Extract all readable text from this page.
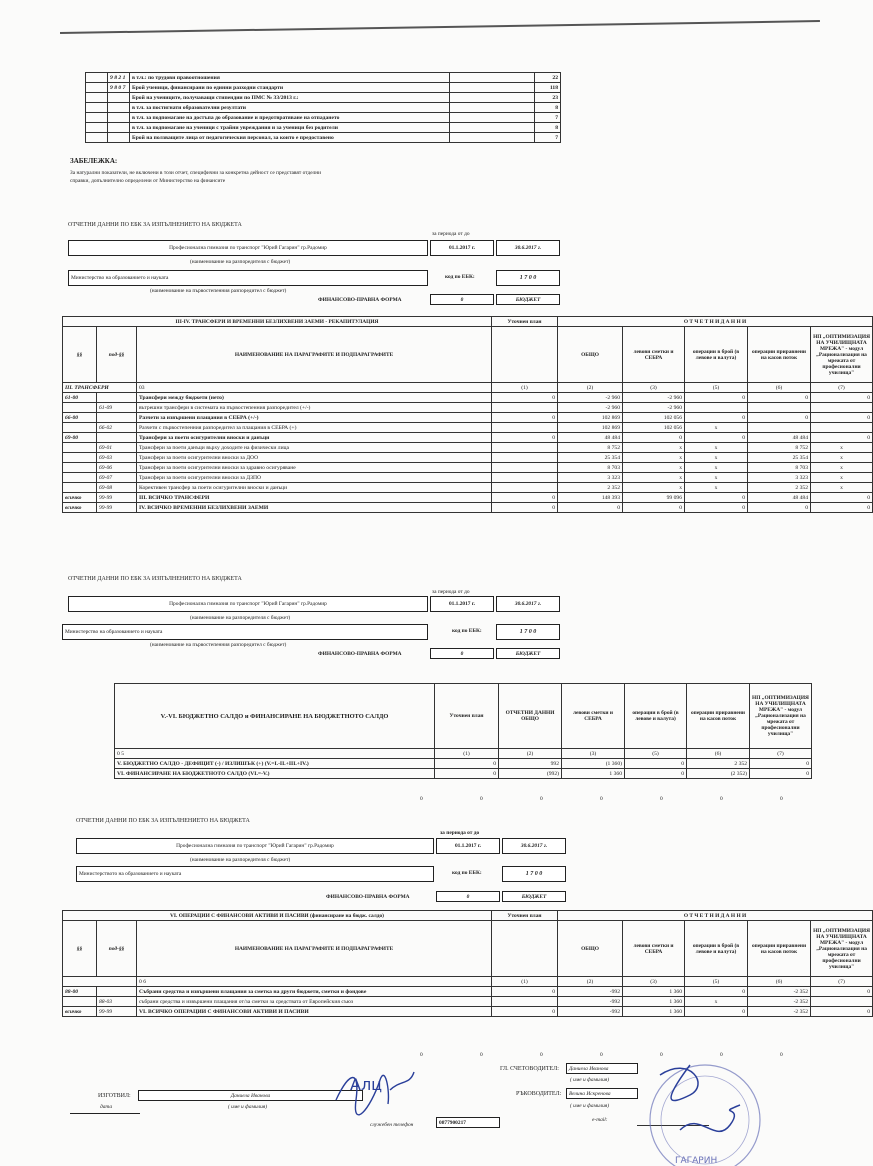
	9 8 2 1	в т.ч.: по трудови правоотношения		22
	9 8 0 7	Брой ученици, финансирани по единни разходни стандарти		118
		Брой на учениците, получаващи стипендии по ПМС № 33/2013 г.:		23
		в т.ч. за постигнати образователни резултати		8
		в т.ч. за подпомагане на достъпа до образование и предотвратяване на отпадането		7
		в т.ч. за подпомагане на ученици с трайни увреждания и за ученици без родители		8
		Брой на ползващите лица от педагогическия персонал, за които е предоставено		7
ЗАБЕЛЕЖКА:
За натурални показатели, не включени в този отчет, специфични за конкретна дейност се представят отделни
справки, допълнително определени от Министерство на финансите
ОТЧЕТНИ ДАННИ ПО ЕБК ЗА ИЗПЪЛНЕНИЕТО НА БЮДЖЕТА
за периода от до
Професионална гимназия по транспорт "Юрий Гагарин" гр.Радомир	01.1.2017 г.	30.6.2017 г.
(наименование на разпоредителя с бюджет)
Министерство на образованието и науката	код по ЕБК:	1 7 0 0
(наименование на първостепенния разпоредител с бюджет)
ФИНАНСОВО-ПРАВНА ФОРМА	0	БЮДЖЕТ
III-IV. ТРАНСФЕРИ И ВРЕМЕННИ БЕЗЛИХВЕНИ ЗАЕМИ - РЕКАПИТУЛАЦИЯ			Уточнен план	О Т Ч Е Т Н И Д А Н Н И				
§§	под-§§	НАИМЕНОВАНИЕ НА ПАРАГРАФИТЕ И ПОДПАРАГРАФИТЕ		ОБЩО	левови сметки и СЕБРА	операции в брой (в левове и валута)	операции приравнени на касов поток	НП „ОПТИМИЗАЦИЯ НА УЧИЛИЩНАТА МРЕЖА" - модул „Рационализация на мрежата от професионални училища"
III. ТРАНСФЕРИ		03	(1)	(2)	(3)	(5)	(6)	(7)
61-00		Трансфери между бюджети (нето)	0	-2 960	-2 960	0	0	0
	61-09	вътрешни трансфери в системата на първостепенния разпоредител (+/-)		-2 960	-2 960			
66-00		Разчети за извършени плащания в СЕБРА (+/-)	0	102 869	102 056	0	0	0
	66-02	Разчети с първостепенния разпоредител за плащания в СЕБРА (+)		102 869	102 056	x		
69-00		Трансфери за поети осигурителни вноски и данъци	0	48 484	0	0	48 484	0
	69-01	Трансфери за поети данъци върху доходите на физически лица		8 752	x	x	8 752	x
	69-03	Трансфери за поети осигурителни вноски за ДОО		25 354	x	x	25 354	x
	69-06	Трансфери за поети осигурителни вноски за здравно осигуряване		8 703	x	x	8 703	x
	69-07	Трансфери за поети осигурителни вноски за ДЗПО		3 323	x	x	3 323	x
	69-08	Корективен трансфер за поети осигурителни вноски и данъци		2 352	x	x	2 352	x
всичко	99-99	III. ВСИЧКО ТРАНСФЕРИ	0	148 393	99 096	0	48 484	0
всичко	99-99	IV. ВСИЧКО ВРЕМЕННИ БЕЗЛИХВЕНИ ЗАЕМИ	0	0	0	0	0	0
ОТЧЕТНИ ДАННИ ПО ЕБК ЗА ИЗПЪЛНЕНИЕТО НА БЮДЖЕТА
за периода от до
Професионална гимназия по транспорт "Юрий Гагарин" гр.Радомир	01.1.2017 г.	30.6.2017 г.
(наименование на разпоредителя с бюджет)
Министерство на образованието и науката	код по ЕБК:	1 7 0 0
(наименование на първостепенния разпоредител с бюджет)
ФИНАНСОВО-ПРАВНА ФОРМА	0	БЮДЖЕТ
V.-VI. БЮДЖЕТНО САЛДО и ФИНАНСИРАНЕ НА БЮДЖЕТНОТО САЛДО	Уточнен план	ОТЧЕТНИ ДАННИ ОБЩО	левови сметки и СЕБРА	операции в брой (в левове и валута)	операции приравнени на касов поток	НП „ОПТИМИЗАЦИЯ НА УЧИЛИЩНАТА МРЕЖА" - модул „Рационализация на мрежата от професионални училища"
0 5	(1)	(2)	(3)	(5)	(6)	(7)
V. БЮДЖЕТНО САЛДО - ДЕФИЦИТ (-) / ИЗЛИШЪК (+) (V.=I.-II.+III.+IV.)	0	992	(1 360)	0	2 352	0
VI. ФИНАНСИРАНЕ НА БЮДЖЕТНОТО САЛДО (VI.=-V.)	0	(992)	1 360	0	(2 352)	0
0	0	0	0	0	0	0
ОТЧЕТНИ ДАННИ ПО ЕБК ЗА ИЗПЪЛНЕНИЕТО НА БЮДЖЕТА
за периода от до
Професионална гимназия по транспорт "Юрий Гагарин" гр.Радомир	01.1.2017 г.	30.6.2017 г.
(наименование на разпоредителя с бюджет)
Министерството на образованието и науката	код по ЕБК:	1 7 0 0
ФИНАНСОВО-ПРАВНА ФОРМА	0	БЮДЖЕТ
VI. ОПЕРАЦИИ С ФИНАНСОВИ АКТИВИ И ПАСИВИ (финансиране на бюдж. салдо)			Уточнен план	О Т Ч Е Т Н И Д А Н Н И				
§§	под-§§	НАИМЕНОВАНИЕ НА ПАРАГРАФИТЕ И ПОДПАРАГРАФИТЕ		ОБЩО	левови сметки и СЕБРА	операции в брой (в левове и валута)	операции приравнени на касов поток	НП „ОПТИМИЗАЦИЯ НА УЧИЛИЩНАТА МРЕЖА" - модул „Рационализация на мрежата от професионални училища"
		0 6	(1)	(2)	(3)	(5)	(6)	(7)
88-00		Събрани средства и извършени плащания за сметка на други бюджети, сметки и фондове	0	-992	1 360	0	-2 352	0
	88-03	събрани средства и извършени плащания от/за сметки за средствата от Европейския съюз		-992	1 360	x	-2 352	
всичко	99-99	VI. ВСИЧКО ОПЕРАЦИИ С ФИНАНСОВИ АКТИВИ И ПАСИВИ	0	-992	1 360	0	-2 352	0
0	0	0	0	0	0	0
ГЛ. СЧЕТОВОДИТЕЛ:	Даниела Иванова
( име и фамилия)
РЪКОВОДИТЕЛ:	Велина Искренова
( име и фамилия)
ИЗГОТВИЛ:	Даниела Иванова
( име и фамилия)
дата
служебен телефон	0877900217	e-mail:
Алц
ГАГАРИН
